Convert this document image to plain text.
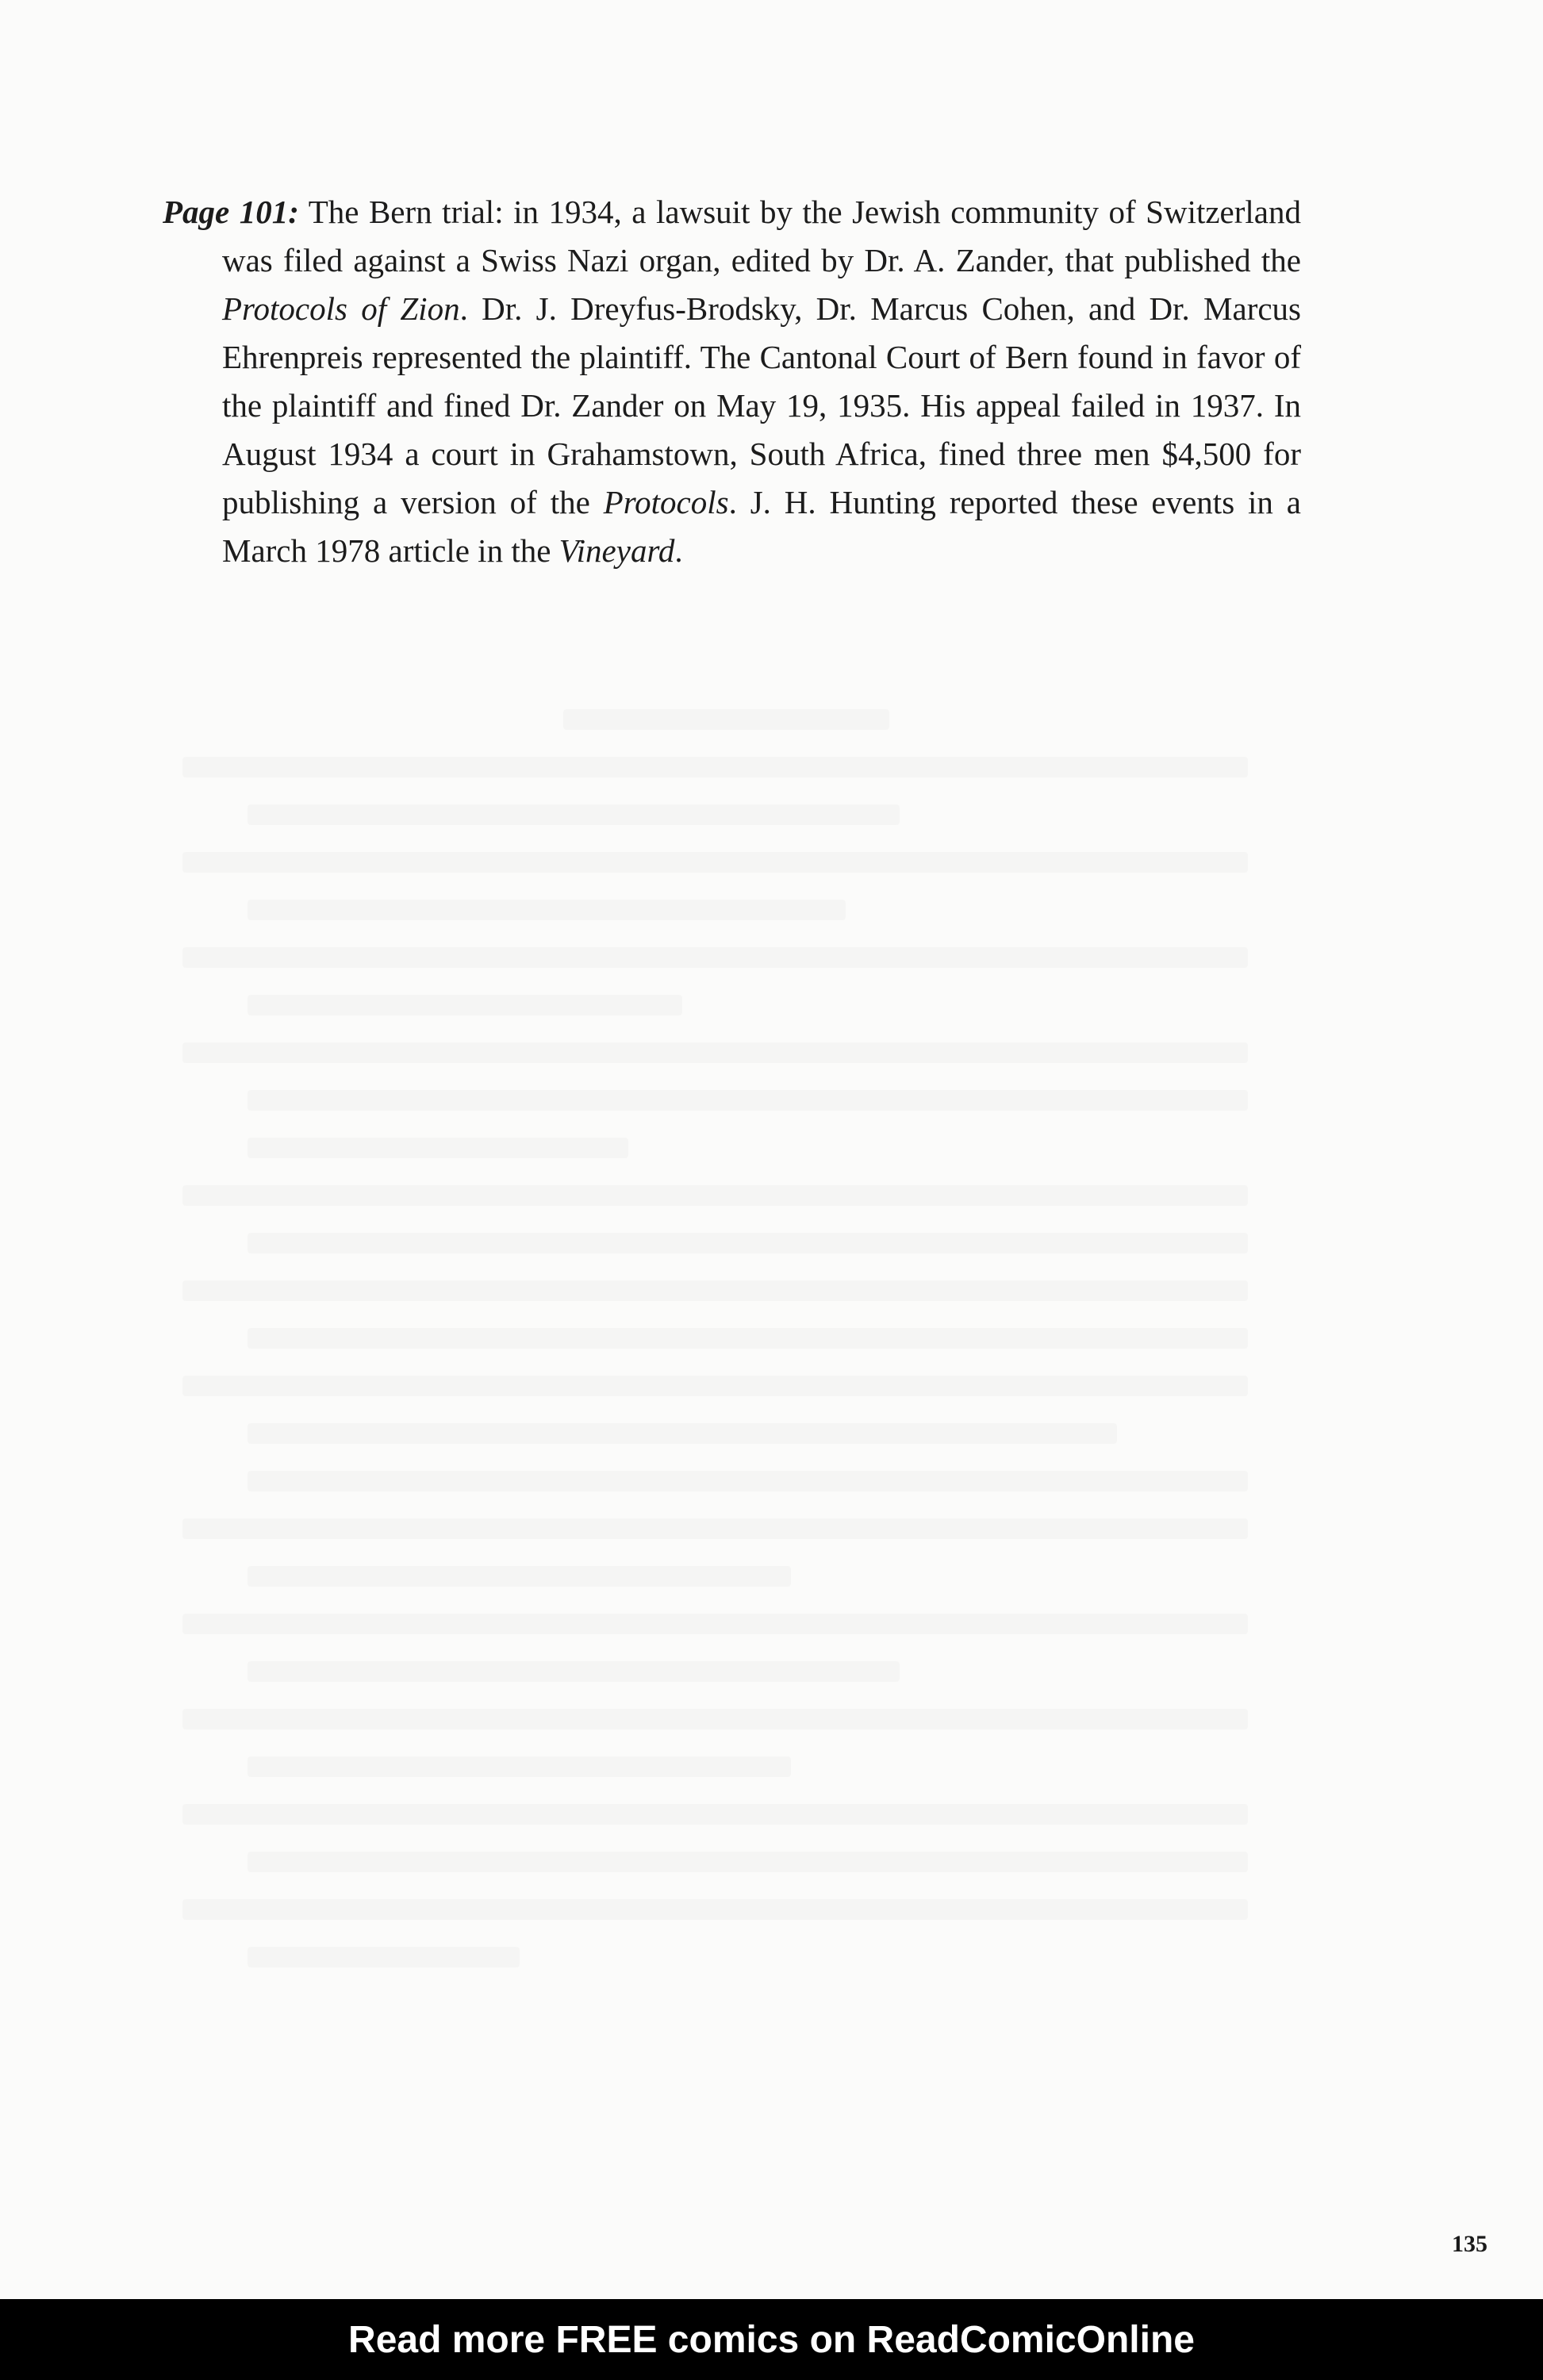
Page 101: The Bern trial: in 1934, a lawsuit by the Jewish community of Switzerland was filed against a Swiss Nazi organ, edited by Dr. A. Zander, that published the Protocols of Zion. Dr. J. Dreyfus-Brodsky, Dr. Marcus Cohen, and Dr. Marcus Ehrenpreis represented the plaintiff. The Cantonal Court of Bern found in favor of the plaintiff and fined Dr. Zander on May 19, 1935. His appeal failed in 1937. In August 1934 a court in Grahamstown, South Africa, fined three men $4,500 for publishing a version of the Protocols. J. H. Hunting reported these events in a March 1978 article in the Vineyard.

135
Read more FREE comics on ReadComicOnline
